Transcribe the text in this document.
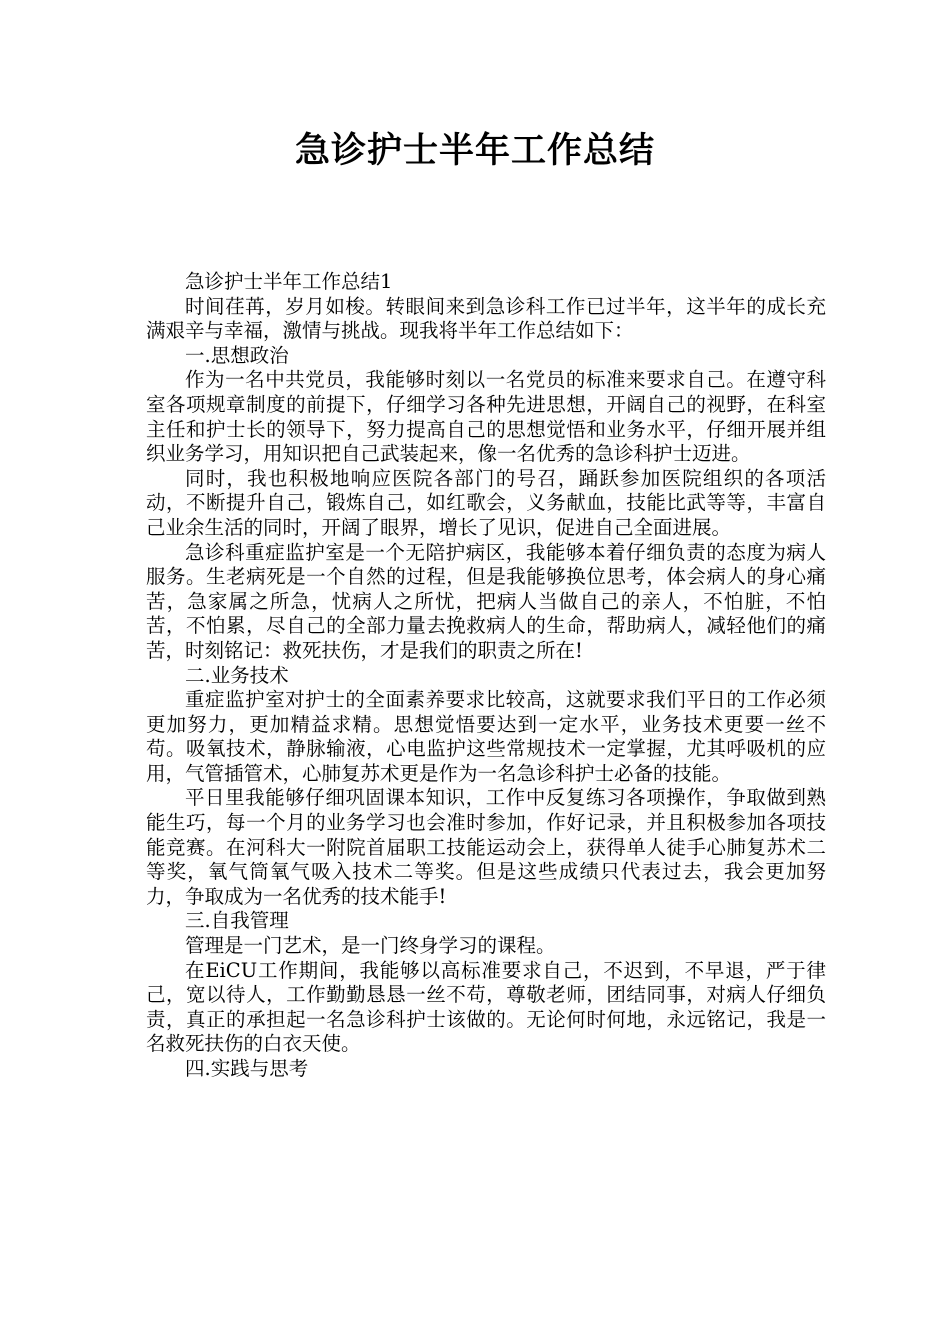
急诊护士半年工作总结

急诊护士半年工作总结1

时间荏苒，岁月如梭。转眼间来到急诊科工作已过半年，这半年的成长充满艰辛与幸福，激情与挑战。现我将半年工作总结如下：

一.思想政治

作为一名中共党员，我能够时刻以一名党员的标准来要求自己。在遵守科室各项规章制度的前提下，仔细学习各种先进思想，开阔自己的视野，在科室主任和护士长的领导下，努力提高自己的思想觉悟和业务水平，仔细开展并组织业务学习，用知识把自己武装起来，像一名优秀的急诊科护士迈进。

同时，我也积极地响应医院各部门的号召，踊跃参加医院组织的各项活动，不断提升自己，锻炼自己，如红歌会，义务献血，技能比武等等，丰富自己业余生活的同时，开阔了眼界，增长了见识，促进自己全面进展。

急诊科重症监护室是一个无陪护病区，我能够本着仔细负责的态度为病人服务。生老病死是一个自然的过程，但是我能够换位思考，体会病人的身心痛苦，急家属之所急，忧病人之所忧，把病人当做自己的亲人，不怕脏，不怕苦，不怕累，尽自己的全部力量去挽救病人的生命，帮助病人，减轻他们的痛苦，时刻铭记：救死扶伤，才是我们的职责之所在!

二.业务技术

重症监护室对护士的全面素养要求比较高，这就要求我们平日的工作必须更加努力，更加精益求精。思想觉悟要达到一定水平，业务技术更要一丝不苟。吸氧技术，静脉输液，心电监护这些常规技术一定掌握，尤其呼吸机的应用，气管插管术，心肺复苏术更是作为一名急诊科护士必备的技能。

平日里我能够仔细巩固课本知识，工作中反复练习各项操作，争取做到熟能生巧，每一个月的业务学习也会准时参加，作好记录，并且积极参加各项技能竞赛。在河科大一附院首届职工技能运动会上，获得单人徒手心肺复苏术二等奖，氧气筒氧气吸入技术二等奖。但是这些成绩只代表过去，我会更加努力，争取成为一名优秀的技术能手!

三.自我管理

管理是一门艺术，是一门终身学习的课程。

在EiCU工作期间，我能够以高标准要求自己，不迟到，不早退，严于律己，宽以待人，工作勤勤恳恳一丝不苟，尊敬老师，团结同事，对病人仔细负责，真正的承担起一名急诊科护士该做的。无论何时何地，永远铭记，我是一名救死扶伤的白衣天使。

四.实践与思考
